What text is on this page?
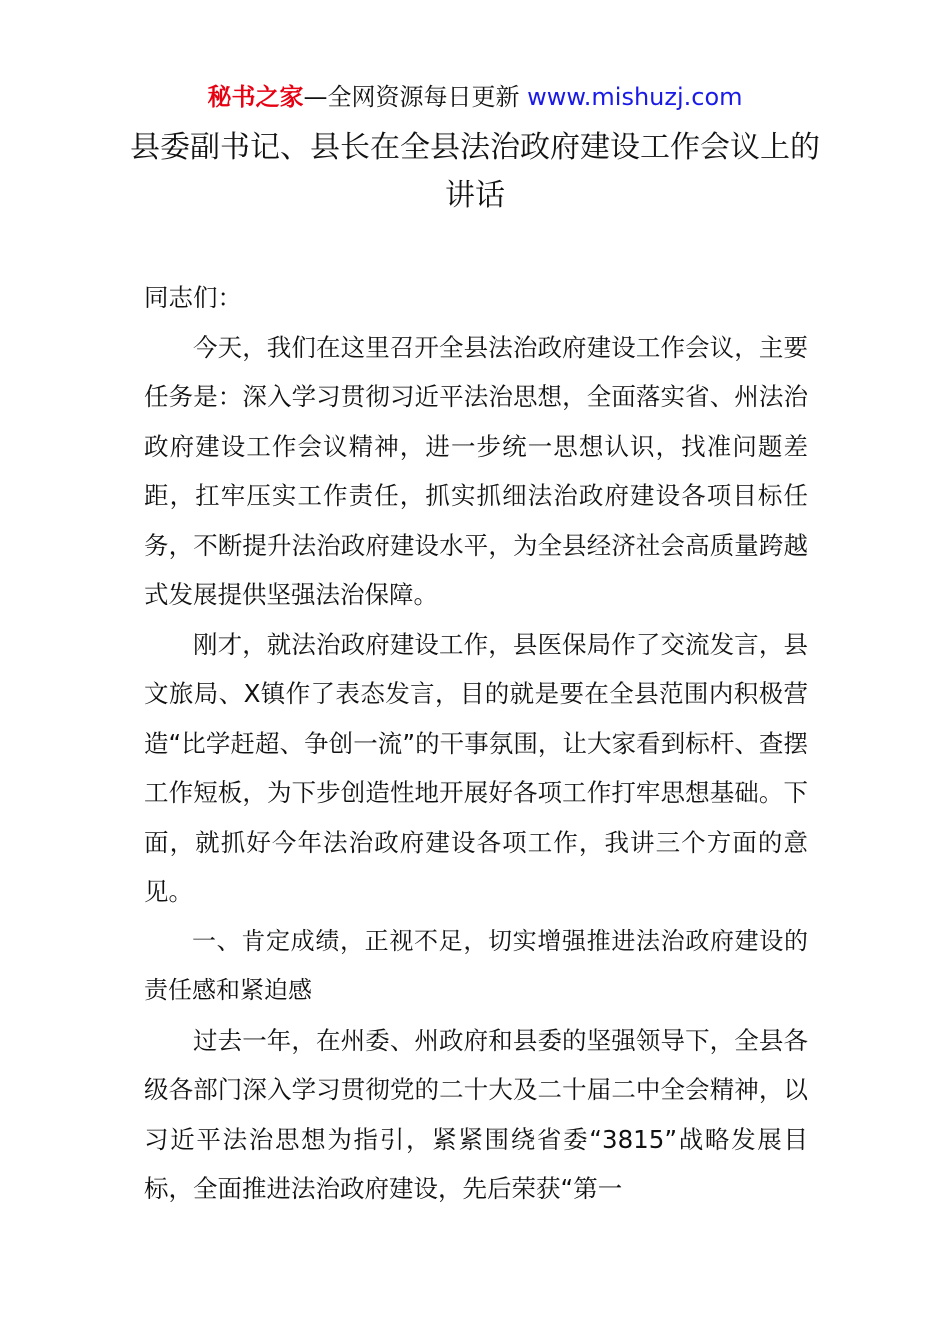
秘书之家—全网资源每日更新 www.mishuzj.com
县委副书记、县长在全县法治政府建设工作会议上的讲话

同志们：

今天，我们在这里召开全县法治政府建设工作会议，主要任务是：深入学习贯彻习近平法治思想，全面落实省、州法治政府建设工作会议精神，进一步统一思想认识，找准问题差距，扛牢压实工作责任，抓实抓细法治政府建设各项目标任务，不断提升法治政府建设水平，为全县经济社会高质量跨越式发展提供坚强法治保障。

刚才，就法治政府建设工作，县医保局作了交流发言，县文旅局、X镇作了表态发言，目的就是要在全县范围内积极营造“比学赶超、争创一流”的干事氛围，让大家看到标杆、查摆工作短板，为下步创造性地开展好各项工作打牢思想基础。下面，就抓好今年法治政府建设各项工作，我讲三个方面的意见。

一、肯定成绩，正视不足，切实增强推进法治政府建设的责任感和紧迫感

过去一年，在州委、州政府和县委的坚强领导下，全县各级各部门深入学习贯彻党的二十大及二十届二中全会精神，以习近平法治思想为指引，紧紧围绕省委“3815”战略发展目标，全面推进法治政府建设，先后荣获“第一
